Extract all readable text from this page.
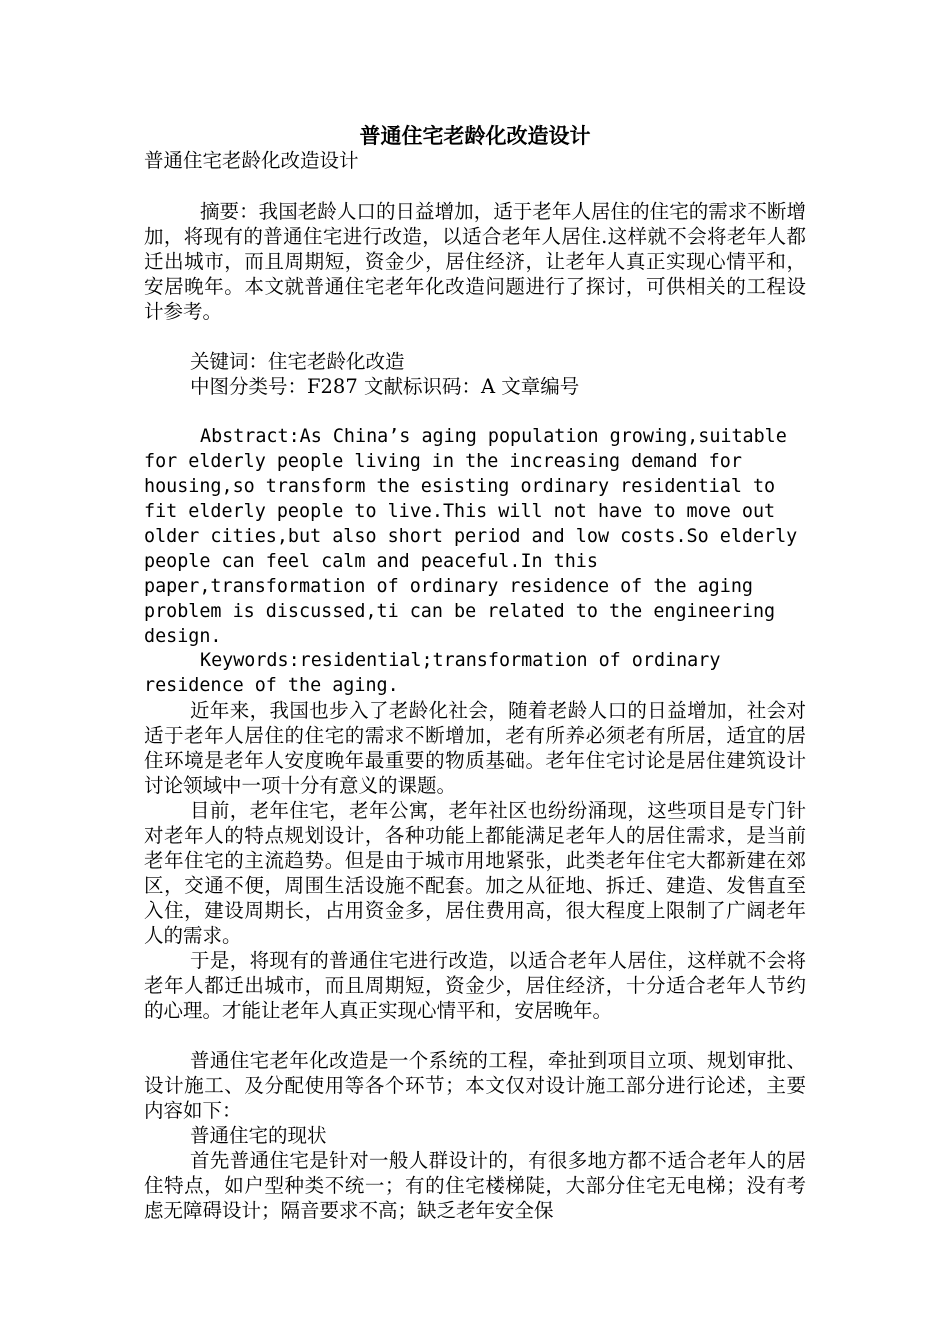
普通住宅老龄化改造设计

普通住宅老龄化改造设计

摘要：我国老龄人口的日益增加，适于老年人居住的住宅的需求不断增加，将现有的普通住宅进行改造，以适合老年人居住.这样就不会将老年人都迁出城市，而且周期短，资金少，居住经济，让老年人真正实现心情平和，安居晚年。本文就普通住宅老年化改造问题进行了探讨，可供相关的工程设计参考。

关键词：住宅老龄化改造

中图分类号：F287 文献标识码：A 文章编号

Abstract:As China’s aging population growing,suitable for elderly people living in the increasing demand for housing,so transform the esisting ordinary residential to fit elderly people to live.This will not have to move out older cities,but also short period and low costs.So elderly people can feel calm and peaceful.In this paper,transformation of ordinary residence of the aging problem is discussed,ti can be related to the engineering design.

Keywords:residential;transformation of ordinary residence of the aging.

近年来，我国也步入了老龄化社会，随着老龄人口的日益增加，社会对适于老年人居住的住宅的需求不断增加，老有所养必须老有所居，适宜的居住环境是老年人安度晚年最重要的物质基础。老年住宅讨论是居住建筑设计讨论领域中一项十分有意义的课题。

目前，老年住宅，老年公寓，老年社区也纷纷涌现，这些项目是专门针对老年人的特点规划设计，各种功能上都能满足老年人的居住需求，是当前老年住宅的主流趋势。但是由于城市用地紧张，此类老年住宅大都新建在郊区，交通不便，周围生活设施不配套。加之从征地、拆迁、建造、发售直至入住，建设周期长，占用资金多，居住费用高，很大程度上限制了广阔老年人的需求。

于是，将现有的普通住宅进行改造，以适合老年人居住，这样就不会将老年人都迁出城市，而且周期短，资金少，居住经济，十分适合老年人节约的心理。才能让老年人真正实现心情平和，安居晚年。

普通住宅老年化改造是一个系统的工程，牵扯到项目立项、规划审批、设计施工、及分配使用等各个环节；本文仅对设计施工部分进行论述，主要内容如下：

普通住宅的现状

首先普通住宅是针对一般人群设计的，有很多地方都不适合老年人的居住特点，如户型种类不统一；有的住宅楼梯陡，大部分住宅无电梯；没有考虑无障碍设计；隔音要求不高；缺乏老年安全保
